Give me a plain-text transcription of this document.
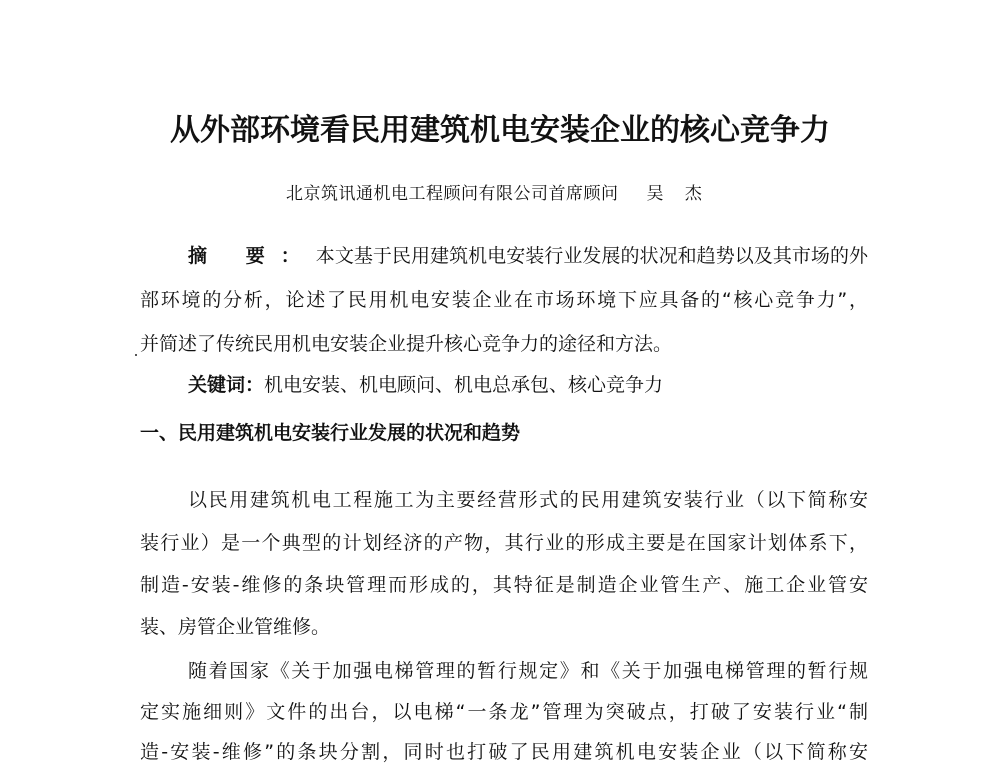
从外部环境看民用建筑机电安装企业的核心竞争力
北京筑讯通机电工程顾问有限公司首席顾问 吴 杰
摘 要：本文基于民用建筑机电安装行业发展的状况和趋势以及其市场的外
部环境的分析，论述了民用机电安装企业在市场环境下应具备的“核心竞争力”，
并简述了传统民用机电安装企业提升核心竞争力的途径和方法。
关键词：机电安装、机电顾问、机电总承包、核心竞争力
一、民用建筑机电安装行业发展的状况和趋势
以民用建筑机电工程施工为主要经营形式的民用建筑安装行业（以下简称安
装行业）是一个典型的计划经济的产物，其行业的形成主要是在国家计划体系下，
制造-安装-维修的条块管理而形成的，其特征是制造企业管生产、施工企业管安
装、房管企业管维修。
随着国家《关于加强电梯管理的暂行规定》和《关于加强电梯管理的暂行规
定实施细则》文件的出台，以电梯“一条龙”管理为突破点，打破了安装行业“制
造-安装-维修”的条块分割，同时也打破了民用建筑机电安装企业（以下简称安
